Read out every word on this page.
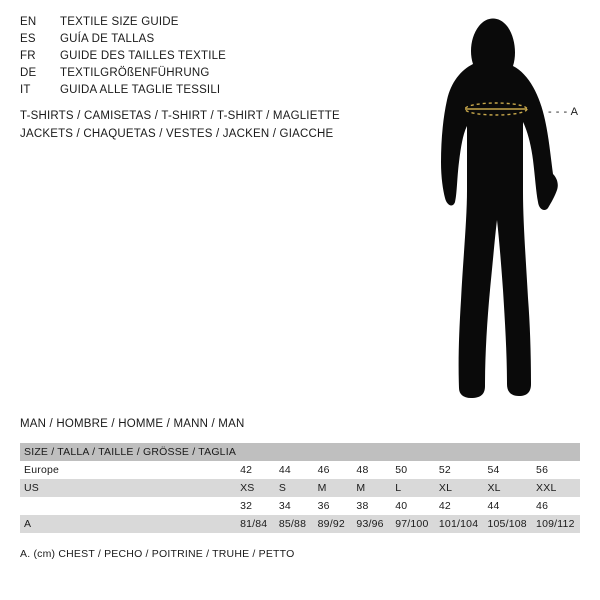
EN	TEXTILE SIZE GUIDE
ES	GUÍA DE TALLAS
FR	GUIDE DES TAILLES TEXTILE
DE	TEXTILGRÖßENFÜHRUNG
IT	GUIDA ALLE TAGLIE TESSILI
T-SHIRTS / CAMISETAS / T-SHIRT / T-SHIRT / MAGLIETTE
JACKETS / CHAQUETAS / VESTES / JACKEN / GIACCHE
- - - A
MAN / HOMBRE / HOMME / MANN / MAN
SIZE / TALLA / TAILLE / GRÖSSE / TAGLIA								
Europe	42	44	46	48	50	52	54	56
US	XS	S	M	M	L	XL	XL	XXL
	32	34	36	38	40	42	44	46
A	81/84	85/88	89/92	93/96	97/100	101/104	105/108	109/112
A. (cm) CHEST / PECHO / POITRINE / TRUHE / PETTO
